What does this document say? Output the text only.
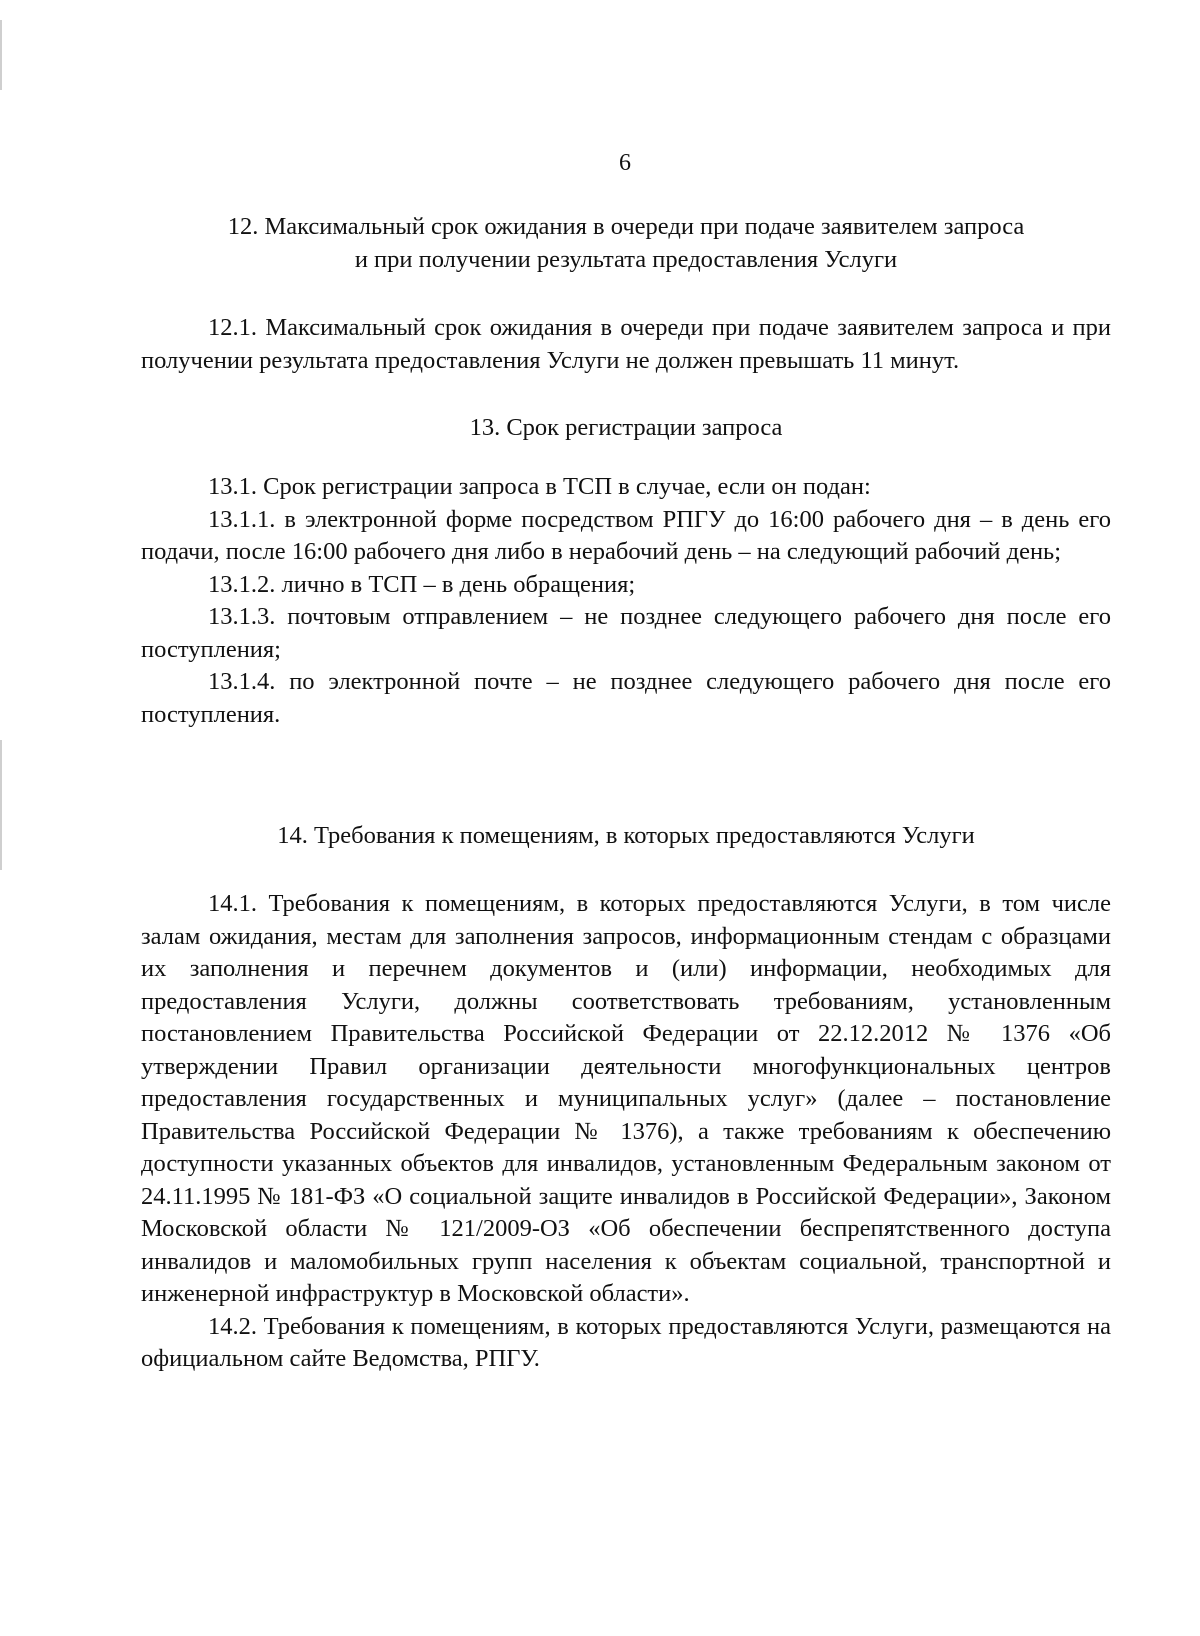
6

12. Максимальный срок ожидания в очереди при подаче заявителем запроса

и при получении результата предоставления Услуги

12.1. Максимальный срок ожидания в очереди при подаче заявителем запроса и при получении результата предоставления Услуги не должен превышать 11 минут.
13. Срок регистрации запроса

13.1. Срок регистрации запроса в ТСП в случае, если он подан:

13.1.1. в электронной форме посредством РПГУ до 16:00 рабочего дня – в день его подачи, после 16:00 рабочего дня либо в нерабочий день – на следующий рабочий день;

13.1.2. лично в ТСП – в день обращения;

13.1.3. почтовым отправлением – не позднее следующего рабочего дня после его поступления;

13.1.4. по электронной почте – не позднее следующего рабочего дня после его поступления.

14. Требования к помещениям, в которых предоставляются Услуги

14.1. Требования к помещениям, в которых предоставляются Услуги, в том числе залам ожидания, местам для заполнения запросов, информационным стендам с образцами их заполнения и перечнем документов и (или) информации, необходимых для предоставления Услуги, должны соответствовать требованиям, установленным постановлением Правительства Российской Федерации от 22.12.2012 № 1376 «Об утверждении Правил организации деятельности многофункциональных центров предоставления государственных и муниципальных услуг» (далее – постановление Правительства Российской Федерации № 1376), а также требованиям к обеспечению доступности указанных объектов для инвалидов, установленным Федеральным законом от 24.11.1995 № 181-ФЗ «О социальной защите инвалидов в Российской Федерации», Законом Московской области № 121/2009-ОЗ «Об обеспечении беспрепятственного доступа инвалидов и маломобильных групп населения к объектам социальной, транспортной и инженерной инфраструктур в Московской области».

14.2. Требования к помещениям, в которых предоставляются Услуги, размещаются на официальном сайте Ведомства, РПГУ.
